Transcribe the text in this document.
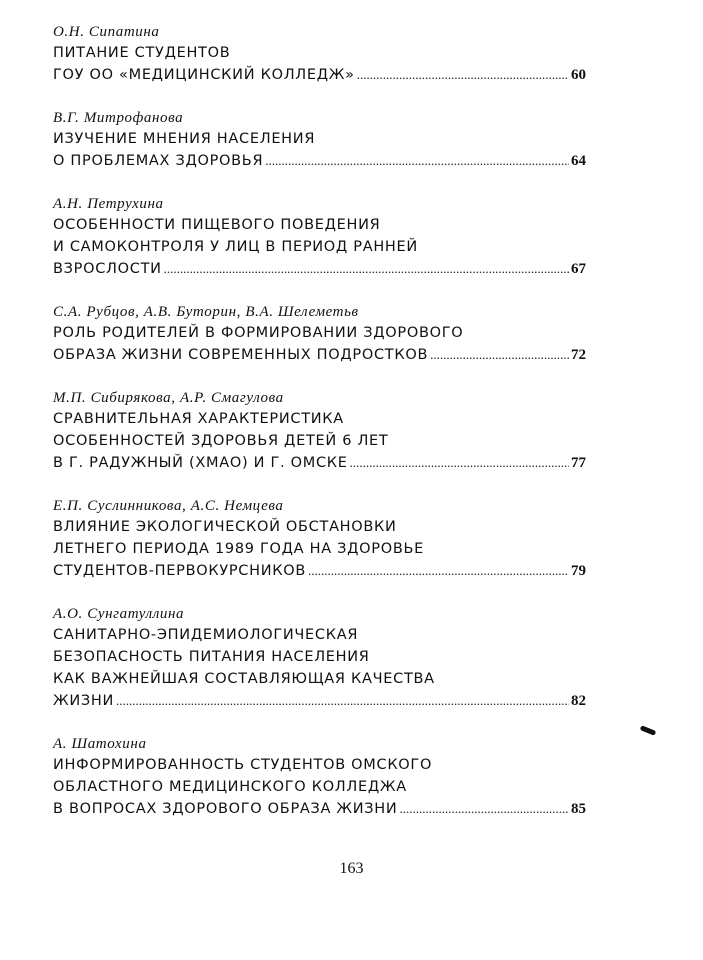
О.Н. Сипатина
ПИТАНИЕ СТУДЕНТОВ
ГОУ ОО «МЕДИЦИНСКИЙ КОЛЛЕДЖ» .....	60
В.Г. Митрофанова
ИЗУЧЕНИЕ МНЕНИЯ НАСЕЛЕНИЯ
О ПРОБЛЕМАХ ЗДОРОВЬЯ .....	64
А.Н. Петрухина
ОСОБЕННОСТИ ПИЩЕВОГО ПОВЕДЕНИЯ
И САМОКОНТРОЛЯ У ЛИЦ В ПЕРИОД РАННЕЙ
ВЗРОСЛОСТИ .....	67
С.А. Рубцов, А.В. Буторин, В.А. Шелеметьв
РОЛЬ РОДИТЕЛЕЙ В ФОРМИРОВАНИИ ЗДОРОВОГО
ОБРАЗА ЖИЗНИ СОВРЕМЕННЫХ ПОДРОСТКОВ .....	72
М.П. Сибирякова, А.Р. Смагулова
СРАВНИТЕЛЬНАЯ ХАРАКТЕРИСТИКА
ОСОБЕННОСТЕЙ ЗДОРОВЬЯ ДЕТЕЙ 6 ЛЕТ
В Г. РАДУЖНЫЙ (ХМАО) И Г. ОМСКЕ .....	77
Е.П. Суслинникова, А.С. Немцева
ВЛИЯНИЕ ЭКОЛОГИЧЕСКОЙ ОБСТАНОВКИ
ЛЕТНЕГО ПЕРИОДА 1989 ГОДА НА ЗДОРОВЬЕ
СТУДЕНТОВ-ПЕРВОКУРСНИКОВ .....	79
А.О. Сунгатуллина
САНИТАРНО-ЭПИДЕМИОЛОГИЧЕСКАЯ
БЕЗОПАСНОСТЬ ПИТАНИЯ НАСЕЛЕНИЯ
КАК ВАЖНЕЙШАЯ СОСТАВЛЯЮЩАЯ КАЧЕСТВА
ЖИЗНИ .....	82
А. Шатохина
ИНФОРМИРОВАННОСТЬ СТУДЕНТОВ ОМСКОГО
ОБЛАСТНОГО МЕДИЦИНСКОГО КОЛЛЕДЖА
В ВОПРОСАХ ЗДОРОВОГО ОБРАЗА ЖИЗНИ .....	85
163
